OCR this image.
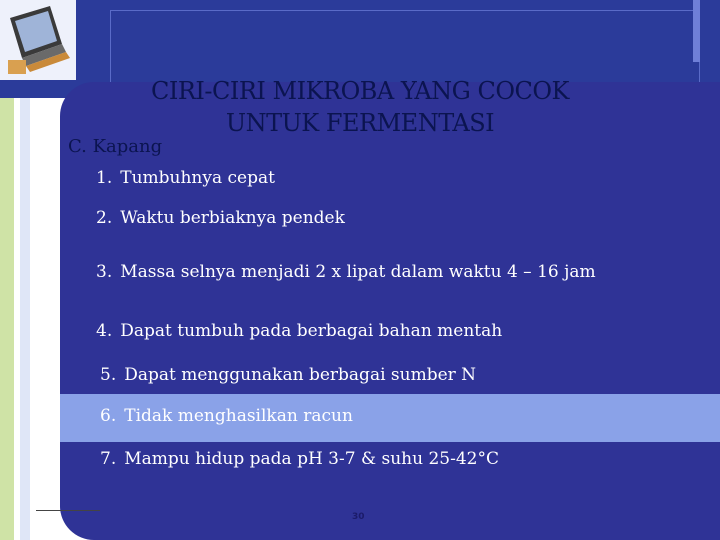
CIRI-CIRI MIKROBA YANG COCOK
UNTUK FERMENTASI
C. Kapang
1. Tumbuhnya cepat
2. Waktu berbiaknya pendek
3. Massa selnya menjadi 2 x lipat dalam waktu 4 – 16 jam
4. Dapat tumbuh pada berbagai bahan mentah
5. Dapat menggunakan berbagai sumber N
6. Tidak menghasilkan racun
7. Mampu hidup pada pH 3-7 & suhu 25-42°C
30
